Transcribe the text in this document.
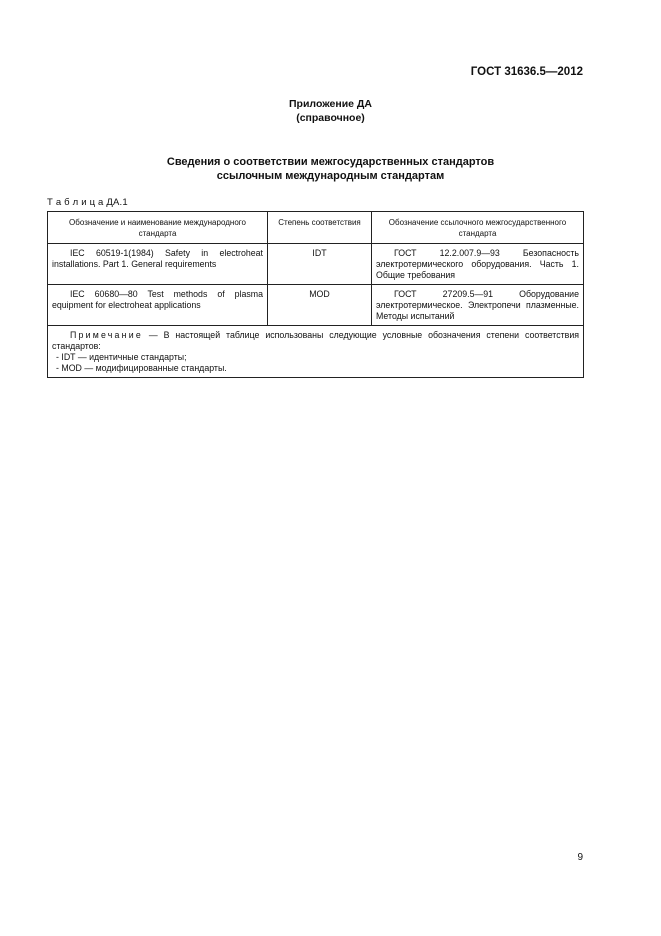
ГОСТ 31636.5—2012
Приложение ДА
(справочное)
Сведения о соответствии межгосударственных стандартов
ссылочным международным стандартам
Т а б л и ц а ДА.1
Обозначение и наименование международного стандарта	Степень соответствия	Обозначение ссылочного межгосударственного стандарта
IEC 60519-1(1984) Safety in electroheat installations. Part 1. General requirements	IDT	ГОСТ 12.2.007.9—93 Безопасность электротермического оборудования. Часть 1. Общие требования
IEC 60680—80 Test methods of plasma equipment for electroheat applications	MOD	ГОСТ 27209.5—91 Оборудование электротермическое. Электропечи плазменные. Методы испытаний

Примечание — В настоящей таблице использованы следующие условные обозначения степени соответствия стандартов:
- IDT — идентичные стандарты;
- MOD — модифицированные стандарты.		
9
